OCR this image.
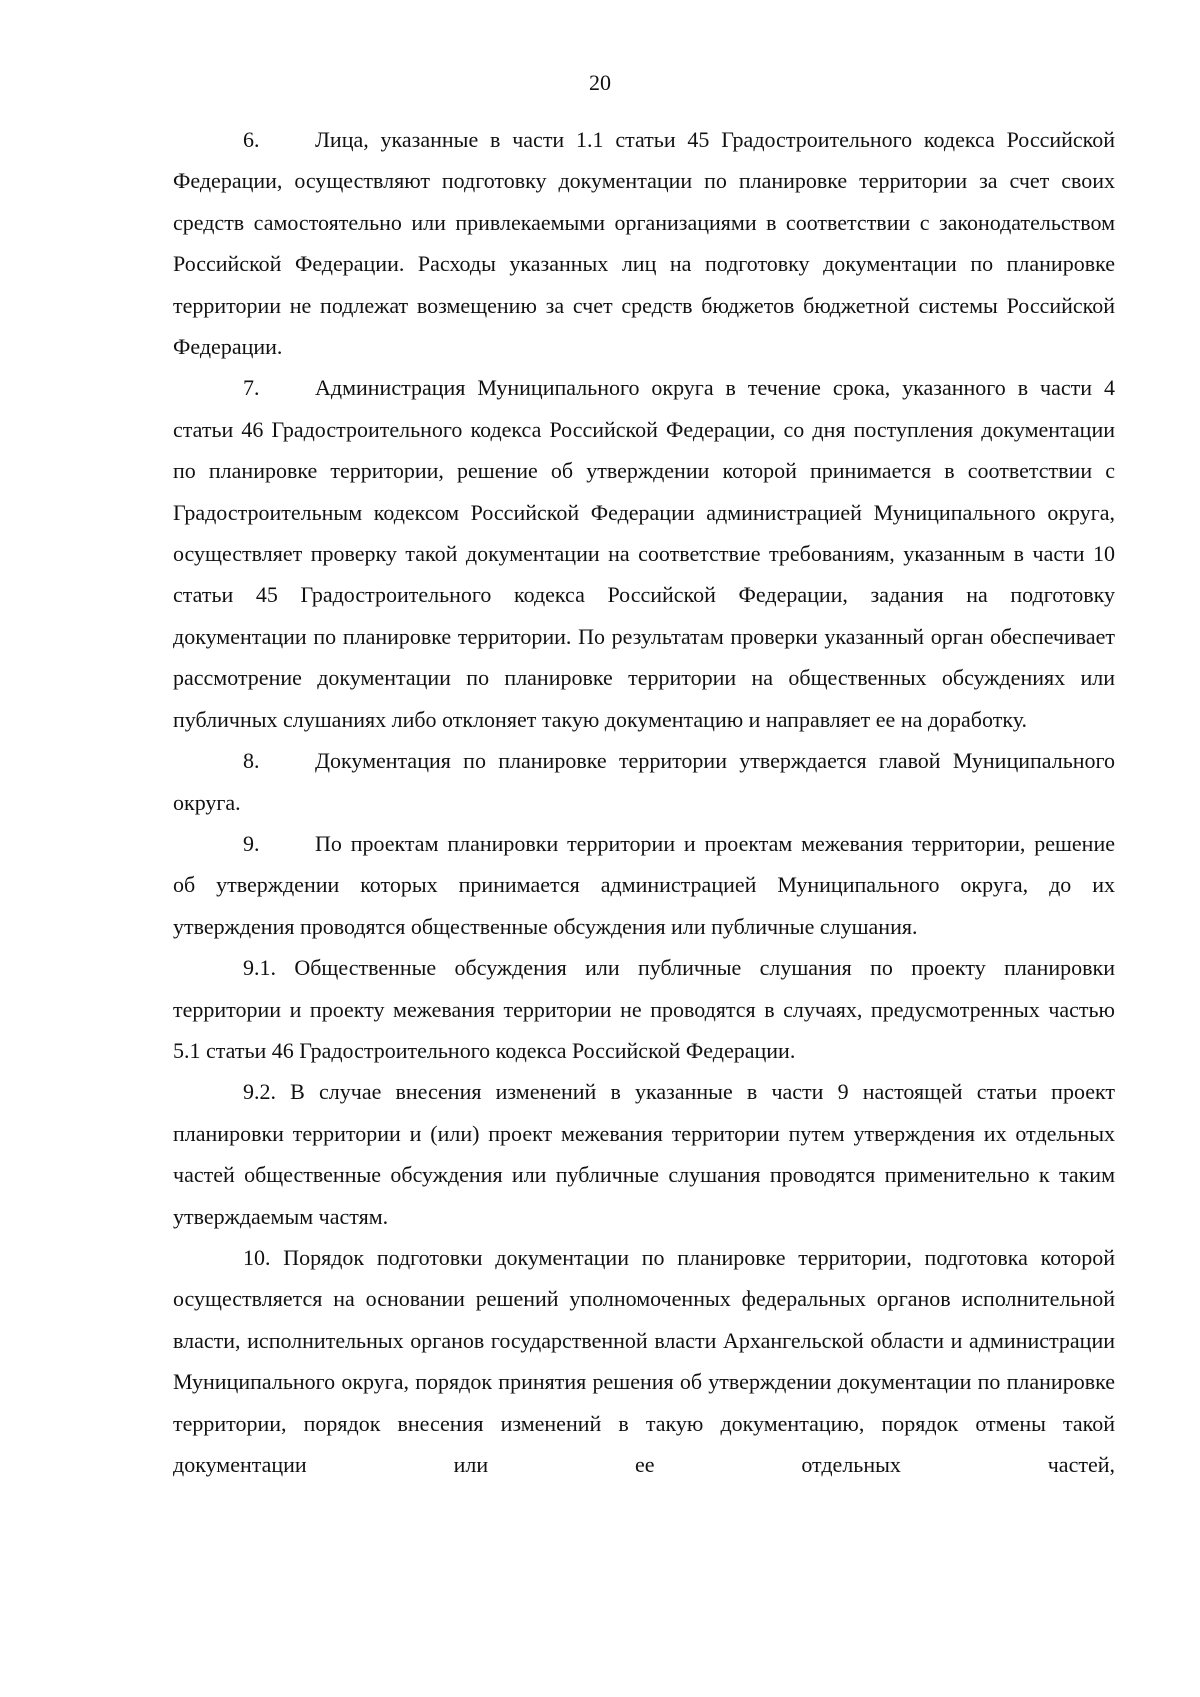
20

6.	Лица, указанные в части 1.1 статьи 45 Градостроительного кодекса Российской Федерации, осуществляют подготовку документации по планировке территории за счет своих средств самостоятельно или привлекаемыми организациями в соответствии с законодательством Российской Федерации. Расходы указанных лиц на подготовку документации по планировке территории не подлежат возмещению за счет средств бюджетов бюджетной системы Российской Федерации.

7.	Администрация Муниципального округа в течение срока, указанного в части 4 статьи 46 Градостроительного кодекса Российской Федерации, со дня поступления документации по планировке территории, решение об утверждении которой принимается в соответствии с Градостроительным кодексом Российской Федерации администрацией Муниципального округа, осуществляет проверку такой документации на соответствие требованиям, указанным в части 10 статьи 45 Градостроительного кодекса Российской Федерации, задания на подготовку документации по планировке территории. По результатам проверки указанный орган обеспечивает рассмотрение документации по планировке территории на общественных обсуждениях или публичных слушаниях либо отклоняет такую документацию и направляет ее на доработку.

8.	Документация по планировке территории утверждается главой Муниципального округа.

9.	По проектам планировки территории и проектам межевания территории, решение об утверждении которых принимается администрацией Муниципального округа, до их утверждения проводятся общественные обсуждения или публичные слушания.

9.1. Общественные обсуждения или публичные слушания по проекту планировки территории и проекту межевания территории не проводятся в случаях, предусмотренных частью 5.1 статьи 46 Градостроительного кодекса Российской Федерации.

9.2. В случае внесения изменений в указанные в части 9 настоящей статьи проект планировки территории и (или) проект межевания территории путем утверждения их отдельных частей общественные обсуждения или публичные слушания проводятся применительно к таким утверждаемым частям.

10. Порядок подготовки документации по планировке территории, подготовка которой осуществляется на основании решений уполномоченных федеральных органов исполнительной власти, исполнительных органов государственной власти Архангельской области и администрации Муниципального округа, порядок принятия решения об утверждении документации по планировке территории, порядок внесения изменений в такую документацию, порядок отмены такой документации или ее отдельных частей,
